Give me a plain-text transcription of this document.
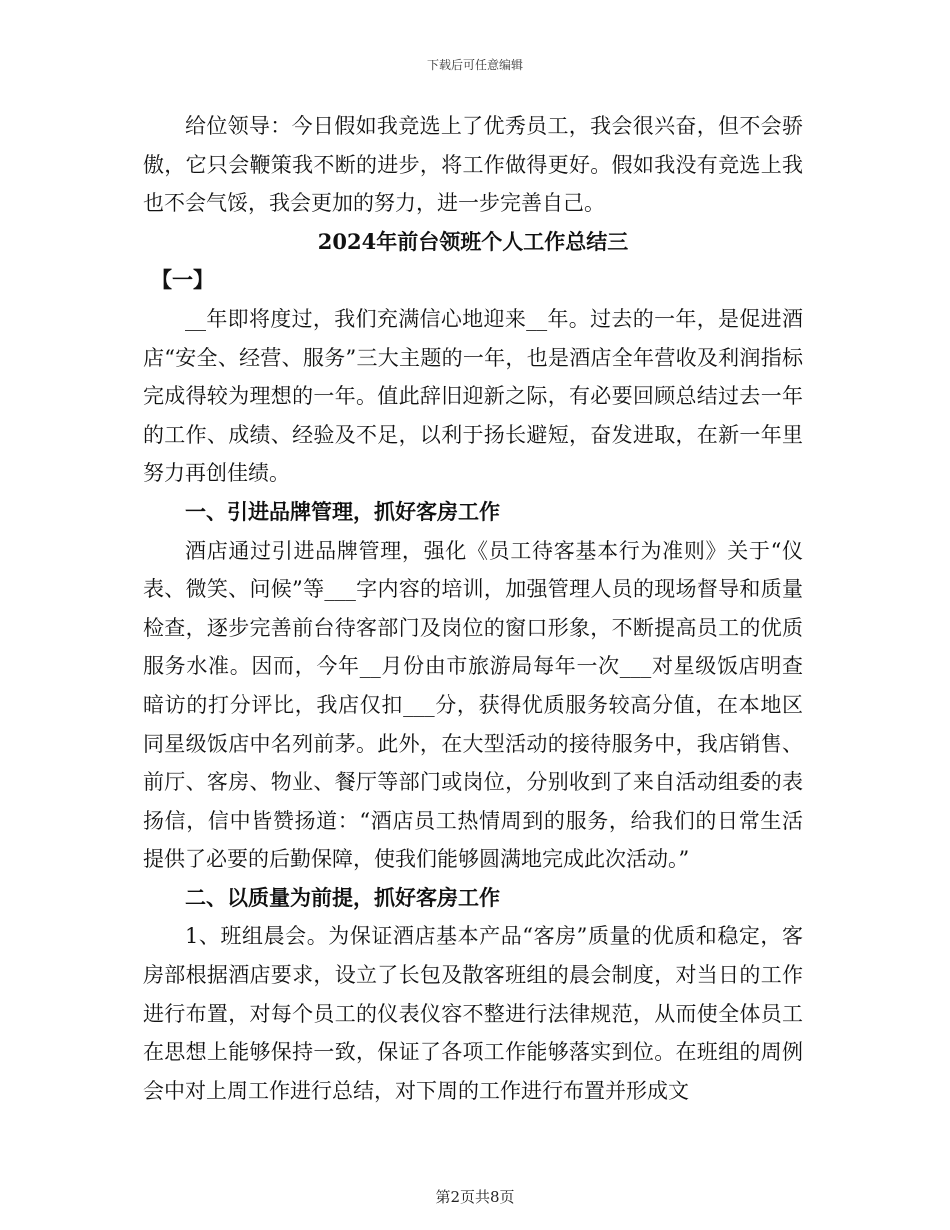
下载后可任意编辑

给位领导：今日假如我竞选上了优秀员工，我会很兴奋，但不会骄傲，它只会鞭策我不断的进步，将工作做得更好。假如我没有竞选上我也不会气馁，我会更加的努力，进一步完善自己。

2024年前台领班个人工作总结三
【一】

__年即将度过，我们充满信心地迎来__年。过去的一年，是促进酒店“安全、经营、服务”三大主题的一年，也是酒店全年营收及利润指标完成得较为理想的一年。值此辞旧迎新之际，有必要回顾总结过去一年的工作、成绩、经验及不足，以利于扬长避短，奋发进取，在新一年里努力再创佳绩。

一、引进品牌管理，抓好客房工作

酒店通过引进品牌管理，强化《员工待客基本行为准则》关于“仪表、微笑、问候”等___字内容的培训，加强管理人员的现场督导和质量检查，逐步完善前台待客部门及岗位的窗口形象，不断提高员工的优质服务水准。因而，今年__月份由市旅游局每年一次___对星级饭店明查暗访的打分评比，我店仅扣___分，获得优质服务较高分值，在本地区同星级饭店中名列前茅。此外，在大型活动的接待服务中，我店销售、前厅、客房、物业、餐厅等部门或岗位，分别收到了来自活动组委的表扬信，信中皆赞扬道：“酒店员工热情周到的服务，给我们的日常生活提供了必要的后勤保障，使我们能够圆满地完成此次活动。”

二、以质量为前提，抓好客房工作

1、班组晨会。为保证酒店基本产品“客房”质量的优质和稳定，客房部根据酒店要求，设立了长包及散客班组的晨会制度，对当日的工作进行布置，对每个员工的仪表仪容不整进行法律规范，从而使全体员工在思想上能够保持一致，保证了各项工作能够落实到位。在班组的周例会中对上周工作进行总结，对下周的工作进行布置并形成文

第2页共8页
